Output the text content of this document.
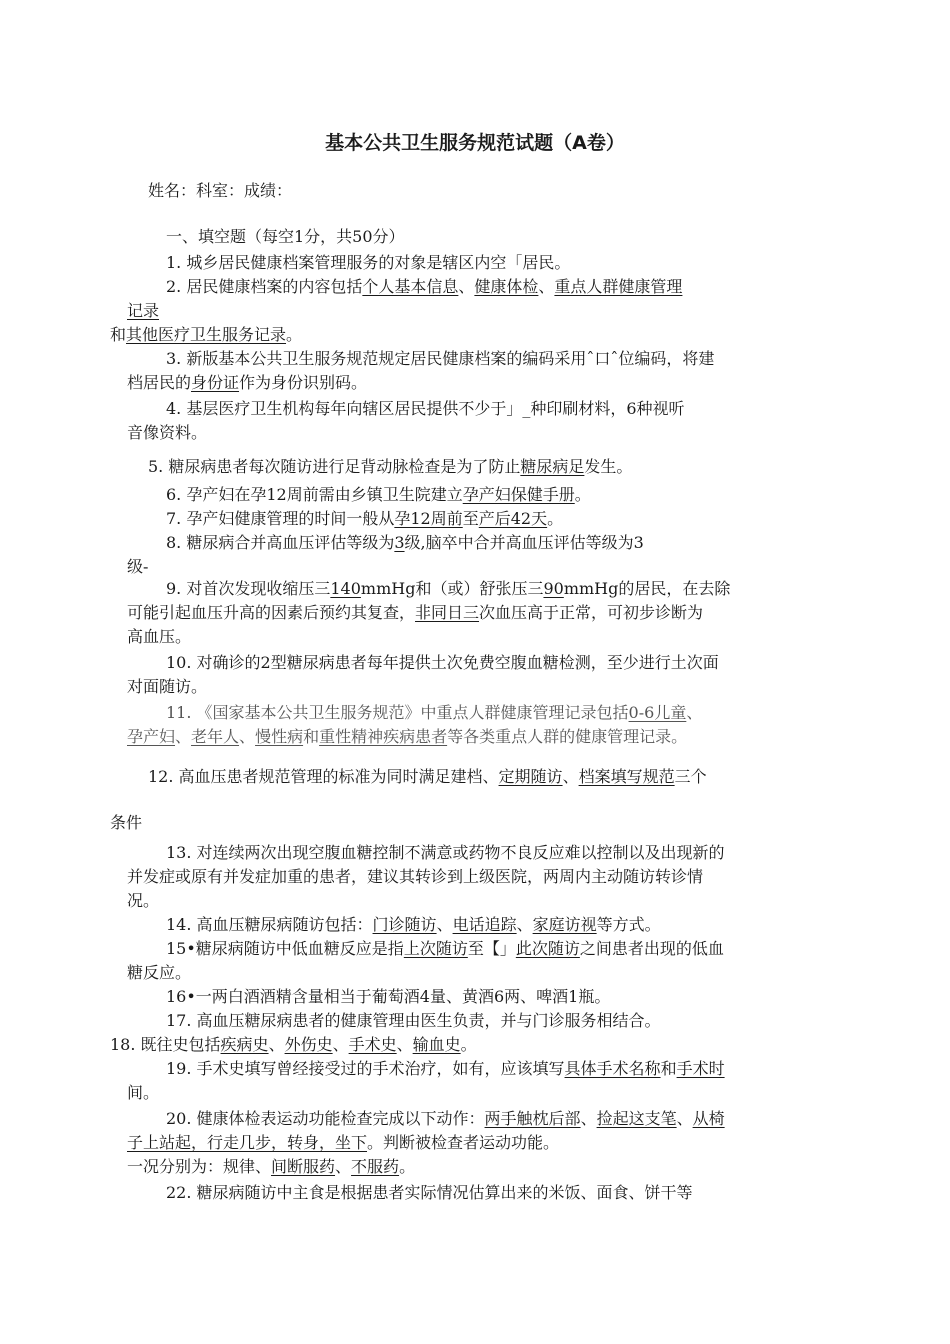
基本公共卫生服务规范试题（A卷）
姓名：科室：成绩：
一、填空题（每空1分，共50分）
1. 城乡居民健康档案管理服务的对象是辖区内空「居民。
2. 居民健康档案的内容包括个人基本信息、健康体检、重点人群健康管理
记录
和其他医疗卫生服务记录。
3. 新版基本公共卫生服务规范规定居民健康档案的编码采用ˆ口ˆ位编码，将建
档居民的身份证作为身份识别码。
4. 基层医疗卫生机构每年向辖区居民提供不少于」_种印刷材料，6种视听
音像资料。
5. 糖尿病患者每次随访进行足背动脉检查是为了防止糖尿病足发生。
6. 孕产妇在孕12周前需由乡镇卫生院建立孕产妇保健手册。
7. 孕产妇健康管理的时间一般从孕12周前至产后42天。
8. 糖尿病合并高血压评估等级为3级,脑卒中合并高血压评估等级为3
级-
9. 对首次发现收缩压三140mmHg和（或）舒张压三90mmHg的居民，在去除
可能引起血压升高的因素后预约其复查，非同日三次血压高于正常，可初步诊断为
高血压。
10. 对确诊的2型糖尿病患者每年提供土次免费空腹血糖检测，至少进行土次面
对面随访。
11. 《国家基本公共卫生服务规范》中重点人群健康管理记录包括0-6儿童、
孕产妇、老年人、慢性病和重性精神疾病患者等各类重点人群的健康管理记录。
12. 高血压患者规范管理的标准为同时满足建档、定期随访、档案填写规范三个
条件
13. 对连续两次出现空腹血糖控制不满意或药物不良反应难以控制以及出现新的
并发症或原有并发症加重的患者，建议其转诊到上级医院，两周内主动随访转诊情
况。
14. 高血压糖尿病随访包括：门诊随访、电话追踪、家庭访视等方式。
15•糖尿病随访中低血糖反应是指上次随访至【」此次随访之间患者出现的低血
糖反应。
16•一两白酒酒精含量相当于葡萄酒4量、黄酒6两、啤酒1瓶。
17. 高血压糖尿病患者的健康管理由医生负责，并与门诊服务相结合。
18. 既往史包括疾病史、外伤史、手术史、输血史。
19. 手术史填写曾经接受过的手术治疗，如有，应该填写具体手术名称和手术时
间。
20. 健康体检表运动功能检查完成以下动作：两手触枕后部、捡起这支笔、从椅
子上站起，行走几步，转身，坐下。判断被检查者运动功能。
一况分别为：规律、间断服药、不服药。
22. 糖尿病随访中主食是根据患者实际情况估算出来的米饭、面食、饼干等
